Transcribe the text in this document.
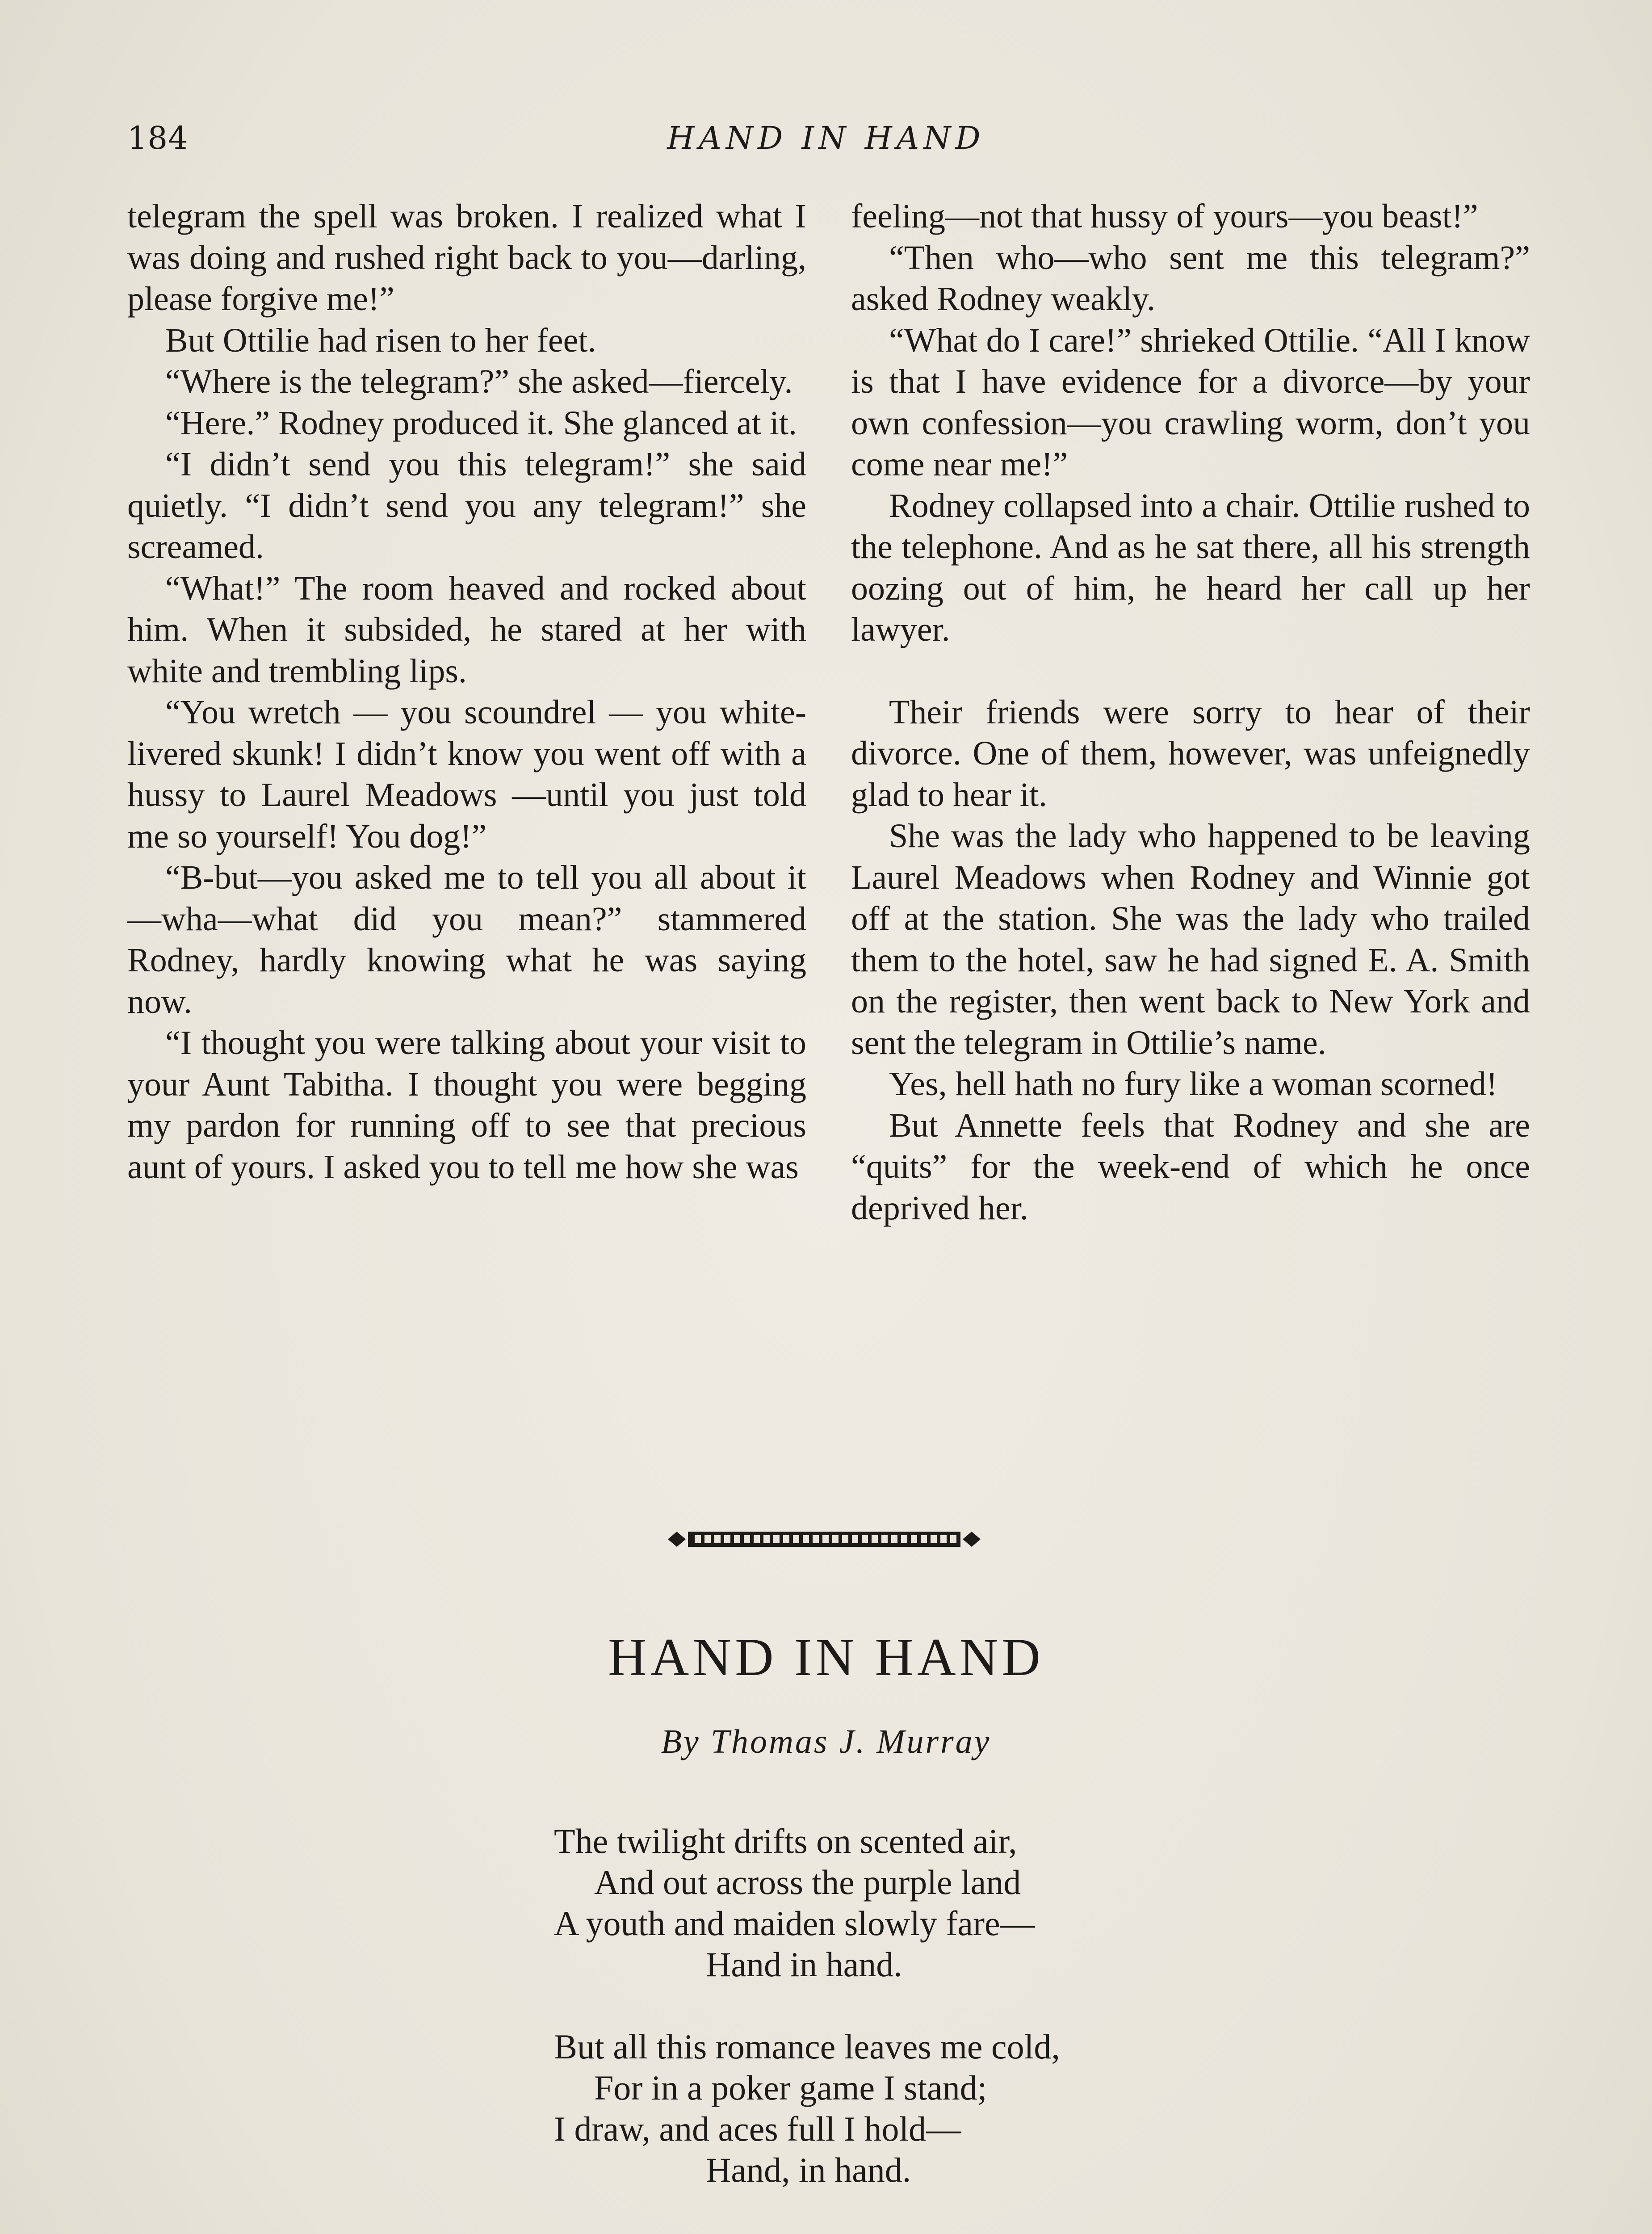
184	HAND IN HAND

telegram the spell was broken. I realized what I was doing and rushed right back to you—darling, please forgive me!”

But Ottilie had risen to her feet.

“Where is the telegram?” she asked—fiercely.

“Here.” Rodney produced it. She glanced at it.

“I didn’t send you this telegram!” she said quietly. “I didn’t send you any telegram!” she screamed.

“What!” The room heaved and rocked about him. When it subsided, he stared at her with white and trembling lips.

“You wretch — you scoundrel — you white-livered skunk! I didn’t know you went off with a hussy to Laurel Meadows —until you just told me so yourself! You dog!”

“B-but—you asked me to tell you all about it—wha—what did you mean?” stammered Rodney, hardly knowing what he was saying now.

“I thought you were talking about your visit to your Aunt Tabitha. I thought you were begging my pardon for running off to see that precious aunt of yours. I asked you to tell me how she was

feeling—not that hussy of yours—you beast!”

“Then who—who sent me this telegram?” asked Rodney weakly.

“What do I care!” shrieked Ottilie. “All I know is that I have evidence for a divorce—by your own confession—you crawling worm, don’t you come near me!”

Rodney collapsed into a chair. Ottilie rushed to the telephone. And as he sat there, all his strength oozing out of him, he heard her call up her lawyer.

Their friends were sorry to hear of their divorce. One of them, however, was unfeignedly glad to hear it.

She was the lady who happened to be leaving Laurel Meadows when Rodney and Winnie got off at the station. She was the lady who trailed them to the hotel, saw he had signed E. A. Smith on the register, then went back to New York and sent the telegram in Ottilie’s name.

Yes, hell hath no fury like a woman scorned!

But Annette feels that Rodney and she are “quits” for the week-end of which he once deprived her.

HAND IN HAND
By Thomas J. Murray
The twilight drifts on scented air,
And out across the purple land
A youth and maiden slowly fare—
Hand in hand.
But all this romance leaves me cold,
For in a poker game I stand;
I draw, and aces full I hold—
Hand, in hand.
